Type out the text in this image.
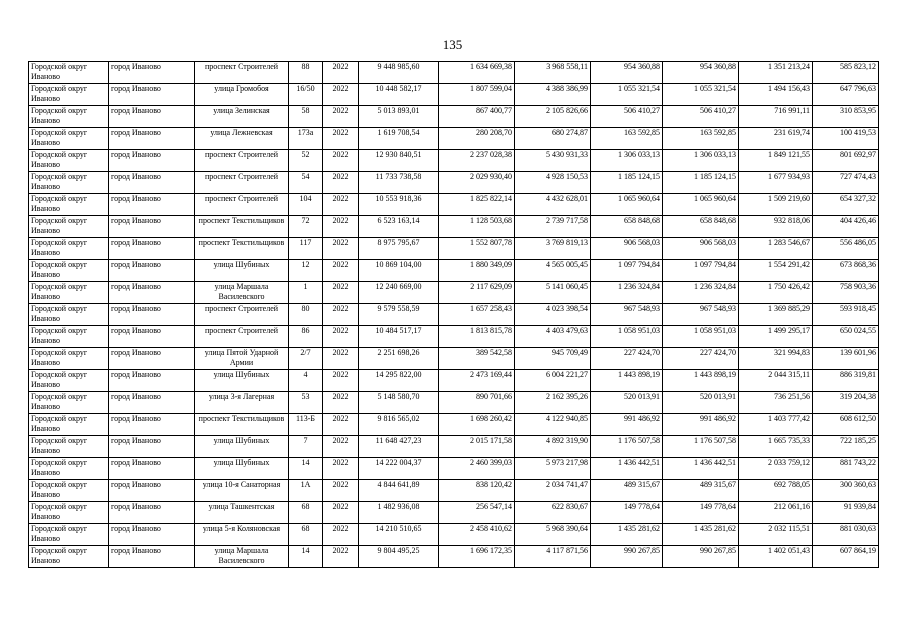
135
Городской округ Иваново	город Иваново	проспект Строителей	88	2022	9 448 985,60	1 634 669,38	3 968 558,11	954 360,88	954 360,88	1 351 213,24	585 823,12
Городской округ Иваново	город Иваново	улица Громобоя	16/50	2022	10 448 582,17	1 807 599,04	4 388 386,99	1 055 321,54	1 055 321,54	1 494 156,43	647 796,63
Городской округ Иваново	город Иваново	улица Зелинская	58	2022	5 013 893,01	867 400,77	2 105 826,66	506 410,27	506 410,27	716 991,11	310 853,95
Городской округ Иваново	город Иваново	улица Лежневская	173а	2022	1 619 708,54	280 208,70	680 274,87	163 592,85	163 592,85	231 619,74	100 419,53
Городской округ Иваново	город Иваново	проспект Строителей	52	2022	12 930 840,51	2 237 028,38	5 430 931,33	1 306 033,13	1 306 033,13	1 849 121,55	801 692,97
Городской округ Иваново	город Иваново	проспект Строителей	54	2022	11 733 738,58	2 029 930,40	4 928 150,53	1 185 124,15	1 185 124,15	1 677 934,93	727 474,43
Городской округ Иваново	город Иваново	проспект Строителей	104	2022	10 553 918,36	1 825 822,14	4 432 628,01	1 065 960,64	1 065 960,64	1 509 219,60	654 327,32
Городской округ Иваново	город Иваново	проспект Текстильщиков	72	2022	6 523 163,14	1 128 503,68	2 739 717,58	658 848,68	658 848,68	932 818,06	404 426,46
Городской округ Иваново	город Иваново	проспект Текстильщиков	117	2022	8 975 795,67	1 552 807,78	3 769 819,13	906 568,03	906 568,03	1 283 546,67	556 486,05
Городской округ Иваново	город Иваново	улица Шубиных	12	2022	10 869 104,00	1 880 349,09	4 565 005,45	1 097 794,84	1 097 794,84	1 554 291,42	673 868,36
Городской округ Иваново	город Иваново	улица Маршала Василевского	1	2022	12 240 669,00	2 117 629,09	5 141 060,45	1 236 324,84	1 236 324,84	1 750 426,42	758 903,36
Городской округ Иваново	город Иваново	проспект Строителей	80	2022	9 579 558,59	1 657 258,43	4 023 398,54	967 548,93	967 548,93	1 369 885,29	593 918,45
Городской округ Иваново	город Иваново	проспект Строителей	86	2022	10 484 517,17	1 813 815,78	4 403 479,63	1 058 951,03	1 058 951,03	1 499 295,17	650 024,55
Городской округ Иваново	город Иваново	улица Пятой Ударной Армии	2/7	2022	2 251 698,26	389 542,58	945 709,49	227 424,70	227 424,70	321 994,83	139 601,96
Городской округ Иваново	город Иваново	улица Шубиных	4	2022	14 295 822,00	2 473 169,44	6 004 221,27	1 443 898,19	1 443 898,19	2 044 315,11	886 319,81
Городской округ Иваново	город Иваново	улица 3-я Лагерная	53	2022	5 148 580,70	890 701,66	2 162 395,26	520 013,91	520 013,91	736 251,56	319 204,38
Городской округ Иваново	город Иваново	проспект Текстильщиков	113-Б	2022	9 816 565,02	1 698 260,42	4 122 940,85	991 486,92	991 486,92	1 403 777,42	608 612,50
Городской округ Иваново	город Иваново	улица Шубиных	7	2022	11 648 427,23	2 015 171,58	4 892 319,90	1 176 507,58	1 176 507,58	1 665 735,33	722 185,25
Городской округ Иваново	город Иваново	улица Шубиных	14	2022	14 222 004,37	2 460 399,03	5 973 217,98	1 436 442,51	1 436 442,51	2 033 759,12	881 743,22
Городской округ Иваново	город Иваново	улица 10-я Санаторная	1А	2022	4 844 641,89	838 120,42	2 034 741,47	489 315,67	489 315,67	692 788,05	300 360,63
Городской округ Иваново	город Иваново	улица Ташкентская	68	2022	1 482 936,08	256 547,14	622 830,67	149 778,64	149 778,64	212 061,16	91 939,84
Городской округ Иваново	город Иваново	улица 5-я Коляновская	68	2022	14 210 510,65	2 458 410,62	5 968 390,64	1 435 281,62	1 435 281,62	2 032 115,51	881 030,63
Городской округ Иваново	город Иваново	улица Маршала Василевского	14	2022	9 804 495,25	1 696 172,35	4 117 871,56	990 267,85	990 267,85	1 402 051,43	607 864,19
